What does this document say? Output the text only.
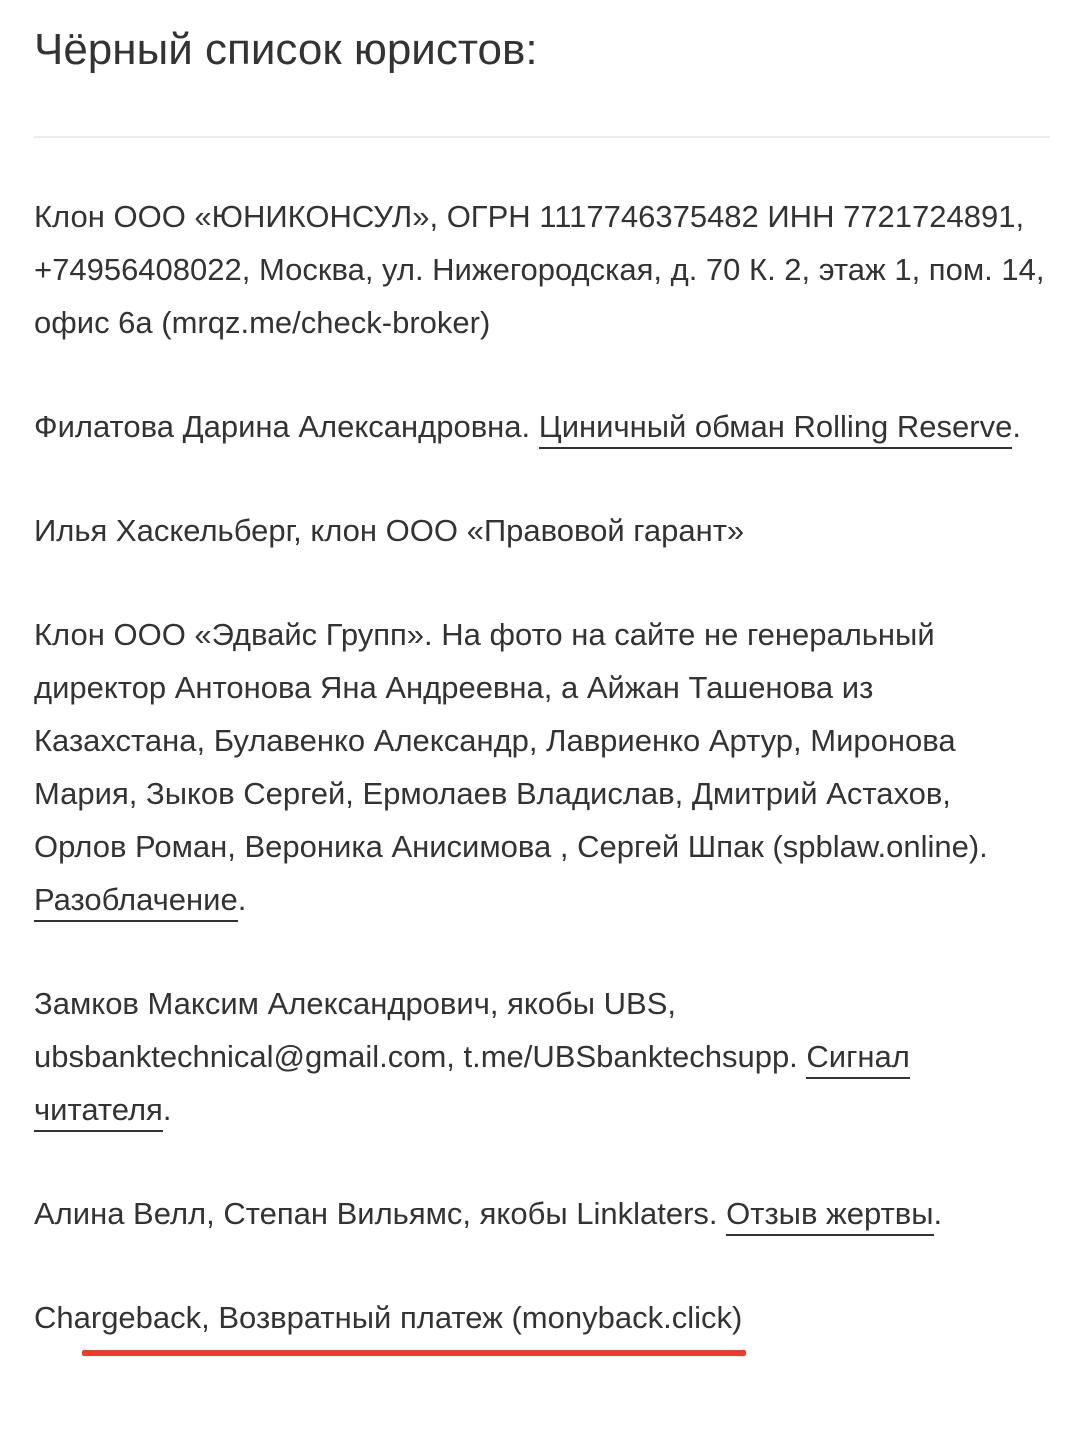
Чёрный список юристов:

Клон ООО «ЮНИКОНСУЛ», ОГРН 1117746375482 ИНН 7721724891, +74956408022, Москва, ул. Нижегородская, д. 70 К. 2, этаж 1, пом. 14, офис 6а (mrqz.me/check-broker)

Филатова Дарина Александровна. Циничный обман Rolling Reserve.

Илья Хаскельберг, клон ООО «Правовой гарант»

Клон ООО «Эдвайс Групп». На фото на сайте не генеральный директор Антонова Яна Андреевна, а Айжан Ташенова из Казахстана, Булавенко Александр, Лавриенко Артур, Миронова Мария, Зыков Сергей, Ермолаев Владислав, Дмитрий Астахов, Орлов Роман, Вероника Анисимова , Сергей Шпак (spblaw.online). Разоблачение.

Замков Максим Александрович, якобы UBS, ubsbanktechnical@gmail.com, t.me/UBSbanktechsupp. Сигнал читателя.

Алина Велл, Степан Вильямс, якобы Linklaters. Отзыв жертвы.

Chargeback, Возвратный платеж (monyback.click)
